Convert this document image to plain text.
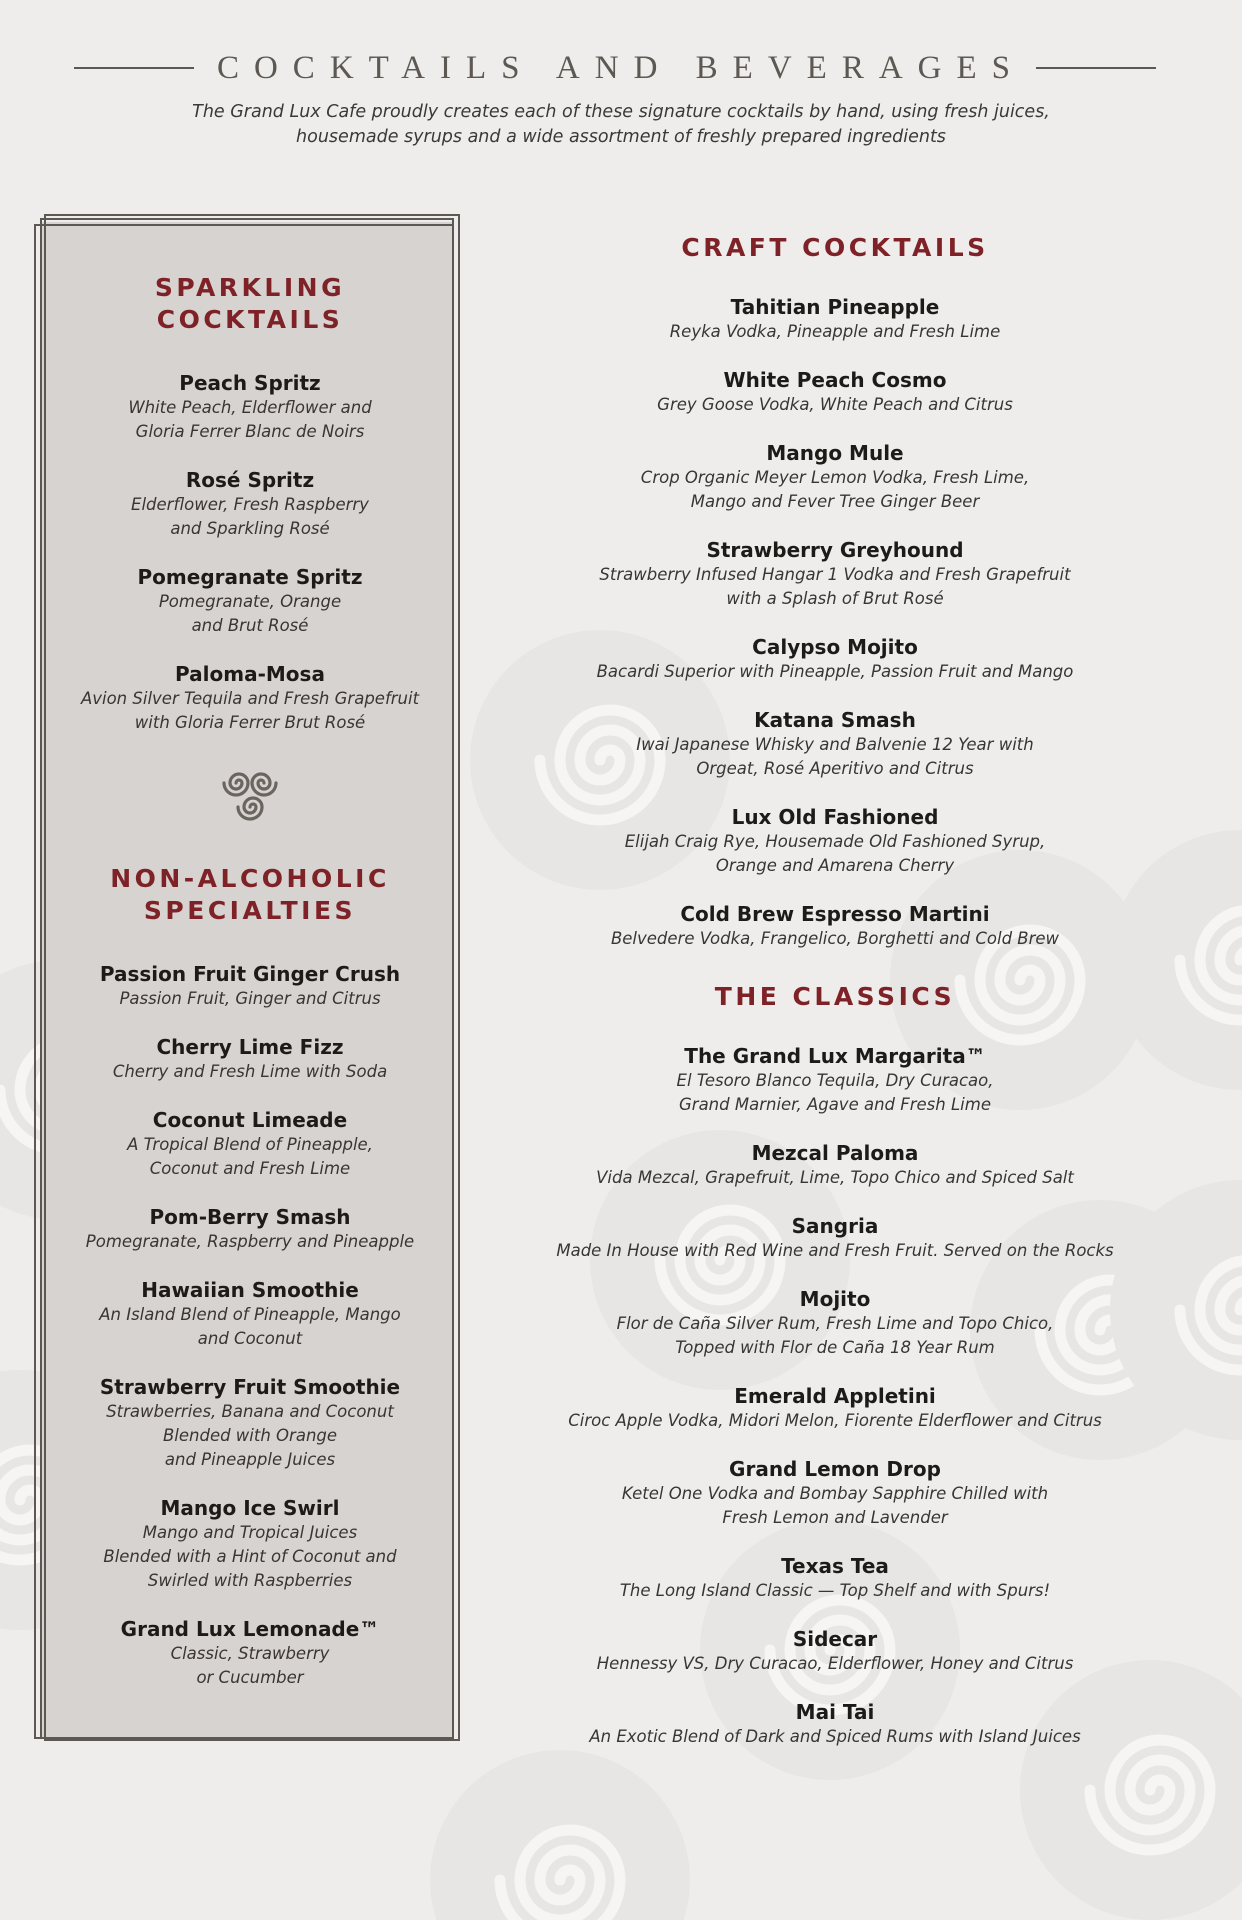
COCKTAILS AND BEVERAGES
The Grand Lux Cafe proudly creates each of these signature cocktails by hand, using fresh juices,
housemade syrups and a wide assortment of freshly prepared ingredients
SPARKLING
COCKTAILS
Peach Spritz
White Peach, Elderflower and
Gloria Ferrer Blanc de Noirs
Rosé Spritz
Elderflower, Fresh Raspberry
and Sparkling Rosé
Pomegranate Spritz
Pomegranate, Orange
and Brut Rosé
Paloma-Mosa
Avion Silver Tequila and Fresh Grapefruit
with Gloria Ferrer Brut Rosé
NON-ALCOHOLIC
SPECIALTIES
Passion Fruit Ginger Crush
Passion Fruit, Ginger and Citrus
Cherry Lime Fizz
Cherry and Fresh Lime with Soda
Coconut Limeade
A Tropical Blend of Pineapple,
Coconut and Fresh Lime
Pom-Berry Smash
Pomegranate, Raspberry and Pineapple
Hawaiian Smoothie
An Island Blend of Pineapple, Mango
and Coconut
Strawberry Fruit Smoothie
Strawberries, Banana and Coconut
Blended with Orange
and Pineapple Juices
Mango Ice Swirl
Mango and Tropical Juices
Blended with a Hint of Coconut and
Swirled with Raspberries
Grand Lux Lemonade™
Classic, Strawberry
or Cucumber
CRAFT COCKTAILS
Tahitian Pineapple
Reyka Vodka, Pineapple and Fresh Lime
White Peach Cosmo
Grey Goose Vodka, White Peach and Citrus
Mango Mule
Crop Organic Meyer Lemon Vodka, Fresh Lime,
Mango and Fever Tree Ginger Beer
Strawberry Greyhound
Strawberry Infused Hangar 1 Vodka and Fresh Grapefruit
with a Splash of Brut Rosé
Calypso Mojito
Bacardi Superior with Pineapple, Passion Fruit and Mango
Katana Smash
Iwai Japanese Whisky and Balvenie 12 Year with
Orgeat, Rosé Aperitivo and Citrus
Lux Old Fashioned
Elijah Craig Rye, Housemade Old Fashioned Syrup,
Orange and Amarena Cherry
Cold Brew Espresso Martini
Belvedere Vodka, Frangelico, Borghetti and Cold Brew
THE CLASSICS
The Grand Lux Margarita™
El Tesoro Blanco Tequila, Dry Curacao,
Grand Marnier, Agave and Fresh Lime
Mezcal Paloma
Vida Mezcal, Grapefruit, Lime, Topo Chico and Spiced Salt
Sangria
Made In House with Red Wine and Fresh Fruit. Served on the Rocks
Mojito
Flor de Caña Silver Rum, Fresh Lime and Topo Chico,
Topped with Flor de Caña 18 Year Rum
Emerald Appletini
Ciroc Apple Vodka, Midori Melon, Fiorente Elderflower and Citrus
Grand Lemon Drop
Ketel One Vodka and Bombay Sapphire Chilled with
Fresh Lemon and Lavender
Texas Tea
The Long Island Classic — Top Shelf and with Spurs!
Sidecar
Hennessy VS, Dry Curacao, Elderflower, Honey and Citrus
Mai Tai
An Exotic Blend of Dark and Spiced Rums with Island Juices
